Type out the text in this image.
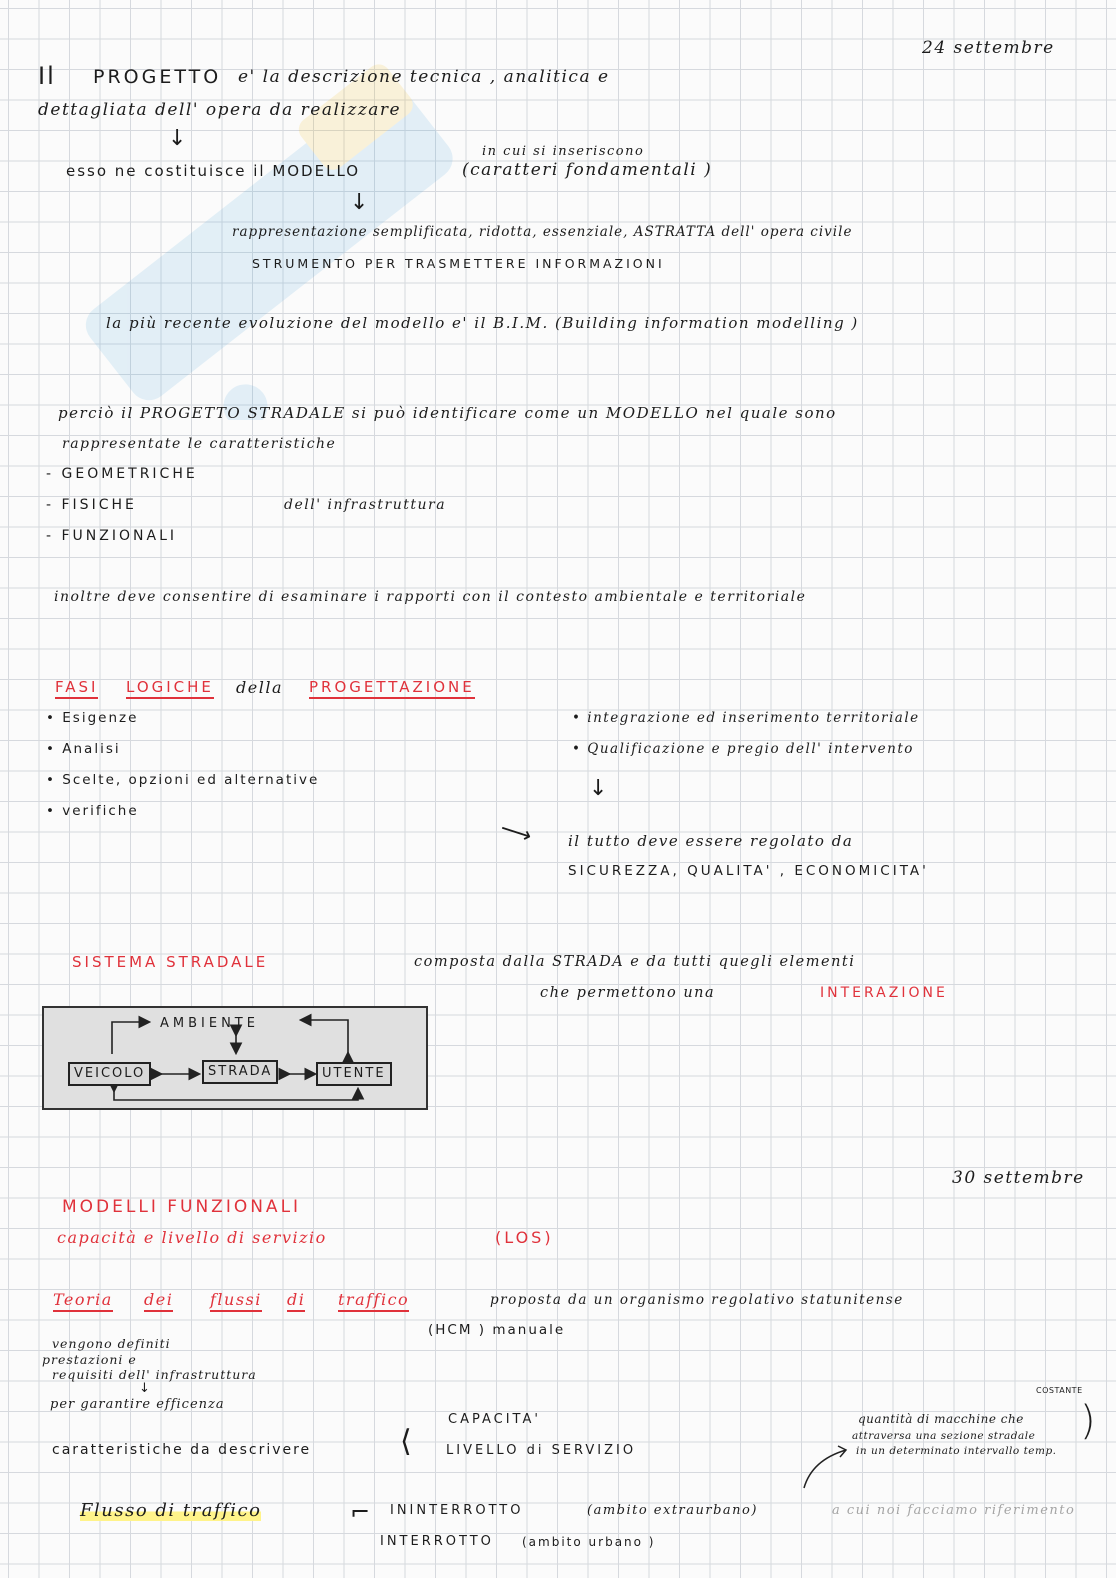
24 settembre
Il PROGETTO e' la descrizione tecnica , analitica e
dettagliata dell' opera da realizzare
↓
esso ne costituisce il MODELLO
in cui si inseriscono
(caratteri fondamentali )
↓
rappresentazione semplificata, ridotta, essenziale, ASTRATTA dell' opera civile
STRUMENTO PER TRASMETTERE INFORMAZIONI
la più recente evoluzione del modello e' il B.I.M. (Building information modelling )
perciò il PROGETTO STRADALE si può identificare come un MODELLO nel quale sono
rappresentate le caratteristiche
- GEOMETRICHE
- FISICHE
- FUNZIONALI
dell' infrastruttura
inoltre deve consentire di esaminare i rapporti con il contesto ambientale e territoriale
FASI LOGICHE della PROGETTAZIONE
• Esigenze
• Analisi
• Scelte, opzioni ed alternative
• verifiche
• integrazione ed inserimento territoriale
• Qualificazione e pregio dell' intervento
↓
⟶ il tutto deve essere regolato da
SICUREZZA, QUALITA' , ECONOMICITA'
SISTEMA STRADALE	composta dalla STRADA e da tutti quegli elementi
che permettono una	INTERAZIONE
AMBIENTE
VEICOLO	STRADA	UTENTE
30 settembre
MODELLI FUNZIONALI
capacità e livello di servizio	(LOS)
Teoria dei flussi di traffico	proposta da un organismo regolativo statunitense
(HCM ) manuale
vengono definiti
prestazioni e
requisiti dell' infrastruttura
↓
per garantire efficenza
COSTANTE
quantità di macchine che
attraversa una sezione stradale
in un determinato intervallo temp.
)
caratteristiche da descrivere	⟨
CAPACITA'
LIVELLO di SERVIZIO
Flusso di traffico	⌐ ININTERROTTO	(ambito extraurbano)	a cui noi facciamo riferimento
INTERROTTO (ambito urbano )
